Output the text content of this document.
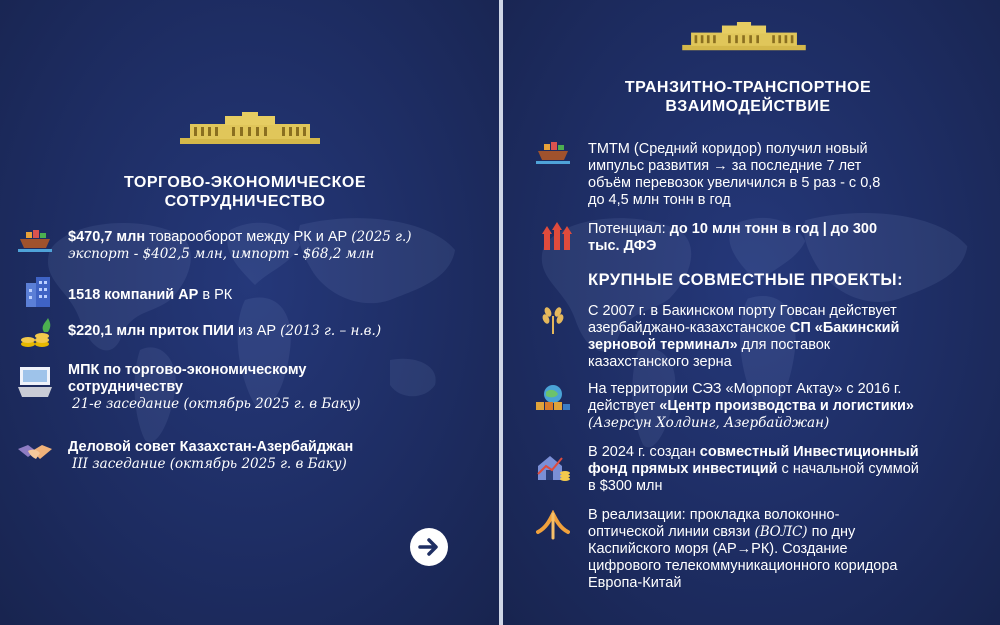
ТОРГОВО-ЭКОНОМИЧЕСКОЕ
СОТРУДНИЧЕСТВО
$470,7 млн товарооборот между РК и АР (2025 г.)
экспорт - $402,5 млн, импорт - $68,2 млн
1518 компаний АР в РК
$220,1 млн приток ПИИ из АР (2013 г. – н.в.)
МПК по торгово-экономическому
сотрудничеству
21-е заседание (октябрь 2025 г. в Баку)
Деловой совет Казахстан-Азербайджан
III заседание (октябрь 2025 г. в Баку)
ТРАНЗИТНО-ТРАНСПОРТНОЕ
ВЗАИМОДЕЙСТВИЕ
ТМТМ (Средний коридор) получил новый
импульс развития → за последние 7 лет
объём перевозок увеличился в 5 раз - с 0,8
до 4,5 млн тонн в год
Потенциал: до 10 млн тонн в год | до 300
тыс. ДФЭ
КРУПНЫЕ СОВМЕСТНЫЕ ПРОЕКТЫ:
С 2007 г. в Бакинском порту Говсан действует
азербайджано-казахстанское СП «Бакинский
зерновой терминал» для поставок
казахстанского зерна
На территории СЭЗ «Морпорт Актау» с 2016 г.
действует «Центр производства и логистики»
(Азерсун Холдинг, Азербайджан)
В 2024 г. создан совместный Инвестиционный
фонд прямых инвестиций с начальной суммой
в $300 млн
В реализации: прокладка волоконно-
оптической линии связи (ВОЛС) по дну
Каспийского моря (АР→РК). Создание
цифрового телекоммуникационного коридора
Европа-Китай
